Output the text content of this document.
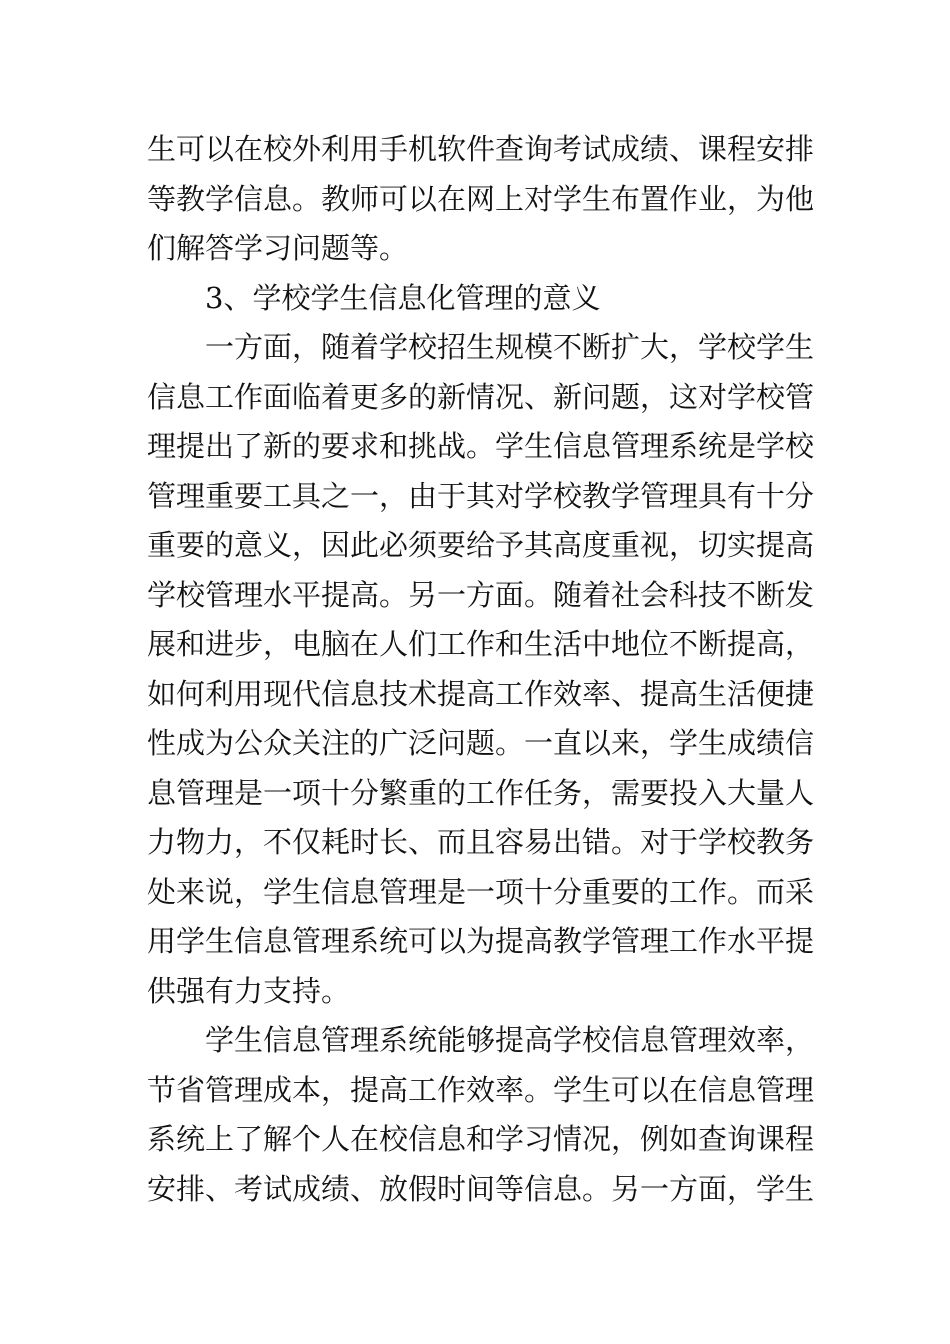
生可以在校外利用手机软件查询考试成绩、课程安排
等教学信息。教师可以在网上对学生布置作业，为他
们解答学习问题等。
3、学校学生信息化管理的意义
一方面，随着学校招生规模不断扩大，学校学生
信息工作面临着更多的新情况、新问题，这对学校管
理提出了新的要求和挑战。学生信息管理系统是学校
管理重要工具之一，由于其对学校教学管理具有十分
重要的意义，因此必须要给予其高度重视，切实提高
学校管理水平提高。另一方面。随着社会科技不断发
展和进步，电脑在人们工作和生活中地位不断提高，
如何利用现代信息技术提高工作效率、提高生活便捷
性成为公众关注的广泛问题。一直以来，学生成绩信
息管理是一项十分繁重的工作任务，需要投入大量人
力物力，不仅耗时长、而且容易出错。对于学校教务
处来说，学生信息管理是一项十分重要的工作。而采
用学生信息管理系统可以为提高教学管理工作水平提
供强有力支持。
学生信息管理系统能够提高学校信息管理效率，
节省管理成本，提高工作效率。学生可以在信息管理
系统上了解个人在校信息和学习情况，例如查询课程
安排、考试成绩、放假时间等信息。另一方面，学生
